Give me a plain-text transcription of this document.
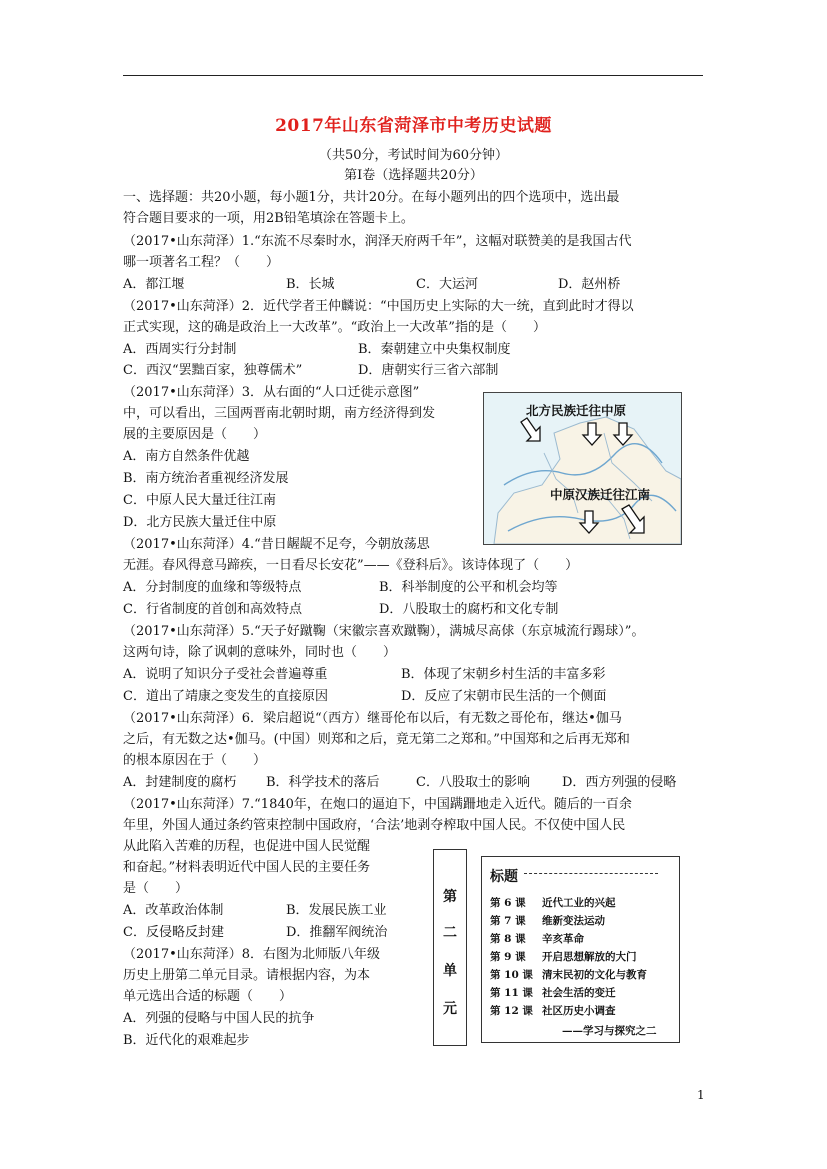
2017年山东省菏泽市中考历史试题
（共50分，考试时间为60分钟）
第Ⅰ卷（选择题共20分）
一、选择题：共20小题，每小题1分，共计20分。在每小题列出的四个选项中，选出最
符合题目要求的一项，用2B铅笔填涂在答题卡上。
（2017•山东菏泽）1.“东流不尽秦时水，润泽天府两千年”，这幅对联赞美的是我国古代
哪一项著名工程？（　　）
A．都江堰	B．长城	C．大运河	D．赵州桥
（2017•山东菏泽）2．近代学者王仲麟说：“中国历史上实际的大一统，直到此时才得以
正式实现，这的确是政治上一大改革”。“政治上一大改革”指的是（　　）
A．西周实行分封制	B．秦朝建立中央集权制度
C．西汉“罢黜百家，独尊儒术”	D．唐朝实行三省六部制
（2017•山东菏泽）3．从右面的“人口迁徙示意图”
中，可以看出，三国两晋南北朝时期，南方经济得到发
展的主要原因是（　　）
A．南方自然条件优越
B．南方统治者重视经济发展
C．中原人民大量迁往江南
D．北方民族大量迁住中原
北方民族迁往中原
中原汉族迁往江南
（2017•山东菏泽）4.“昔日龌龊不足夸，今朝放荡思
无涯。春风得意马蹄疾，一日看尽长安花”——《登科后》。该诗体现了（　　）
A．分封制度的血缘和等级特点	B．科举制度的公平和机会均等
C．行省制度的首创和高效特点	D．八股取士的腐朽和文化专制
（2017•山东菏泽）5.“天子好蹴鞠（宋徽宗喜欢蹴鞠），满城尽高俅（东京城流行踢球）”。
这两句诗，除了讽刺的意味外，同时也（　　）
A．说明了知识分子受社会普遍尊重	B．体现了宋朝乡村生活的丰富多彩
C．道出了靖康之变发生的直接原因	D．反应了宋朝市民生活的一个侧面
（2017•山东菏泽）6．梁启超说“（西方）继哥伦布以后，有无数之哥伦布，继达•伽马
之后，有无数之达•伽马。(中国）则郑和之后，竟无第二之郑和。”中国郑和之后再无郑和
的根本原因在于（　　）
A．封建制度的腐朽 B．科学技术的落后	C．八股取士的影响 D．西方列强的侵略
（2017•山东菏泽）7.“1840年，在炮口的逼迫下，中国蹒跚地走入近代。随后的一百余
年里，外国人通过条约管束控制中国政府，‘合法’地剥夺榨取中国人民。不仅使中国人民
从此陷入苦难的历程，也促进中国人民觉醒
和奋起。”材料表明近代中国人民的主要任务
是（　　）
A．改革政治体制	B．发展民族工业
C．反侵略反封建	D．推翻军阀统治
（2017•山东菏泽）8．右图为北师版八年级
历史上册第二单元目录。请根据内容，为本
单元选出合适的标题（　　）
A．列强的侵略与中国人民的抗争
B．近代化的艰难起步
第
二
单
元
标题
第 6 课 近代工业的兴起
第 7 课 维新变法运动
第 8 课 辛亥革命
第 9 课 开启思想解放的大门
第 10 课 清末民初的文化与教育
第 11 课 社会生活的变迁
第 12 课 社区历史小调查
——学习与探究之二
1
